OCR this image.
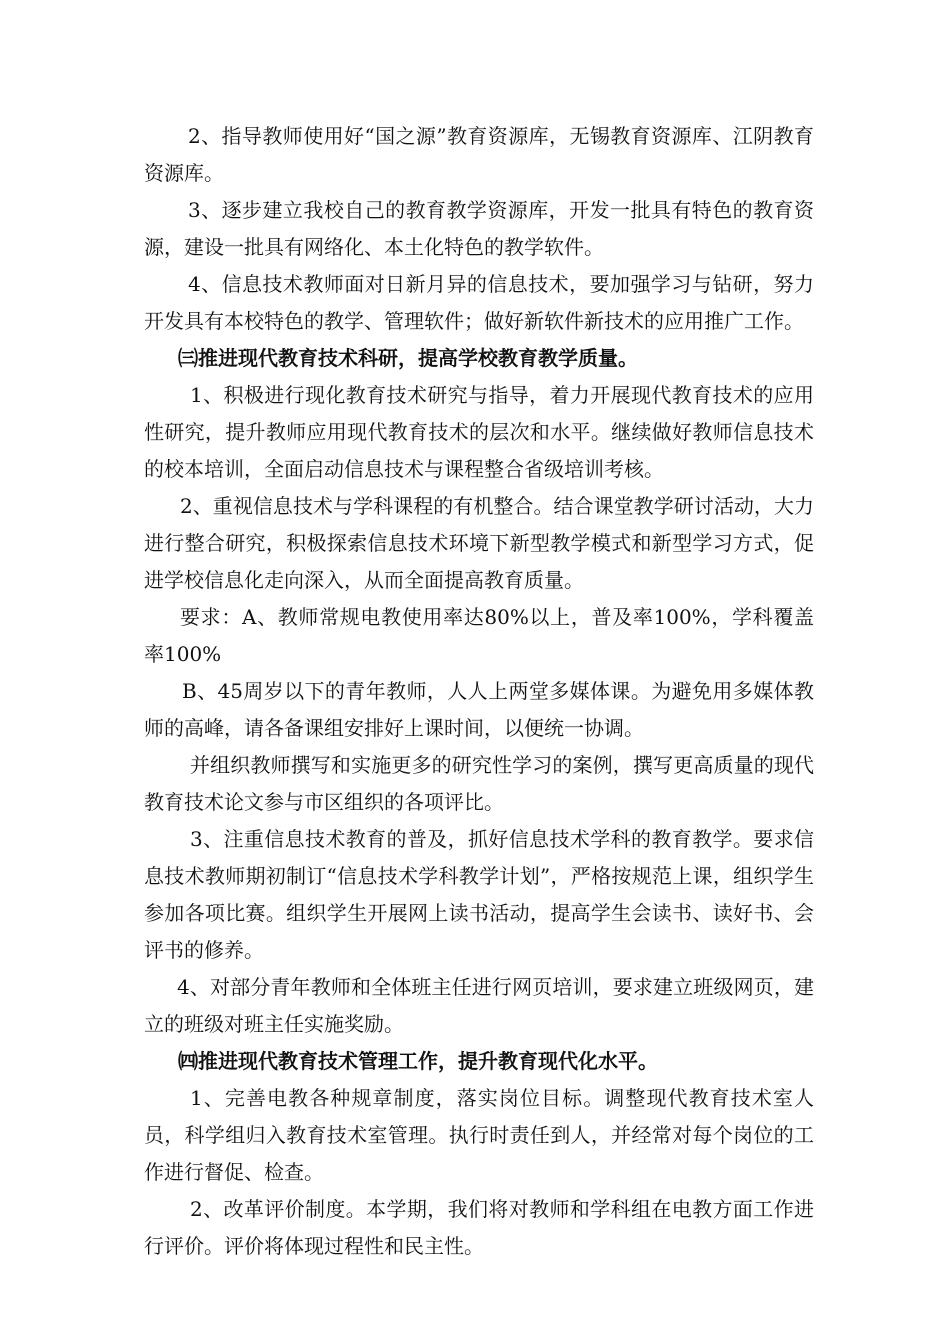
2、指导教师使用好“国之源”教育资源库，无锡教育资源库、江阴教育资源库。

3、逐步建立我校自己的教育教学资源库，开发一批具有特色的教育资源，建设一批具有网络化、本土化特色的教学软件。

4、信息技术教师面对日新月异的信息技术，要加强学习与钻研，努力开发具有本校特色的教学、管理软件；做好新软件新技术的应用推广工作。

㈢推进现代教育技术科研，提高学校教育教学质量。

1、积极进行现化教育技术研究与指导，着力开展现代教育技术的应用性研究，提升教师应用现代教育技术的层次和水平。继续做好教师信息技术的校本培训，全面启动信息技术与课程整合省级培训考核。

2、重视信息技术与学科课程的有机整合。结合课堂教学研讨活动，大力进行整合研究，积极探索信息技术环境下新型教学模式和新型学习方式，促进学校信息化走向深入，从而全面提高教育质量。

要求：A、教师常规电教使用率达80%以上，普及率100%，学科覆盖率100%

B、45周岁以下的青年教师，人人上两堂多媒体课。为避免用多媒体教师的高峰，请各备课组安排好上课时间，以便统一协调。

并组织教师撰写和实施更多的研究性学习的案例，撰写更高质量的现代教育技术论文参与市区组织的各项评比。

3、注重信息技术教育的普及，抓好信息技术学科的教育教学。要求信息技术教师期初制订“信息技术学科教学计划”，严格按规范上课，组织学生参加各项比赛。组织学生开展网上读书活动，提高学生会读书、读好书、会评书的修养。

4、对部分青年教师和全体班主任进行网页培训，要求建立班级网页，建立的班级对班主任实施奖励。

㈣推进现代教育技术管理工作，提升教育现代化水平。

1、完善电教各种规章制度，落实岗位目标。调整现代教育技术室人员，科学组归入教育技术室管理。执行时责任到人，并经常对每个岗位的工作进行督促、检查。

2、改革评价制度。本学期，我们将对教师和学科组在电教方面工作进行评价。评价将体现过程性和民主性。
